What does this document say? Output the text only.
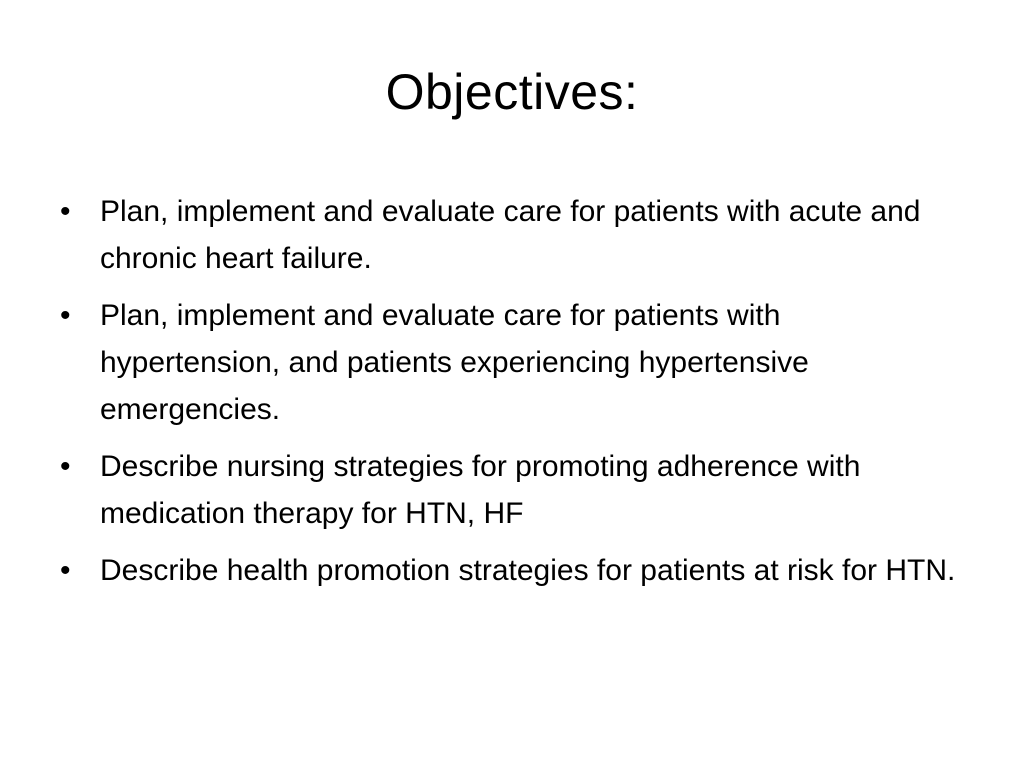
Objectives:
• Plan, implement and evaluate care for patients with acute and chronic heart failure.
• Plan, implement and evaluate care for patients with hypertension, and patients experiencing hypertensive emergencies.
• Describe nursing strategies for promoting adherence with medication therapy for HTN, HF
• Describe health promotion strategies for patients at risk for HTN.
